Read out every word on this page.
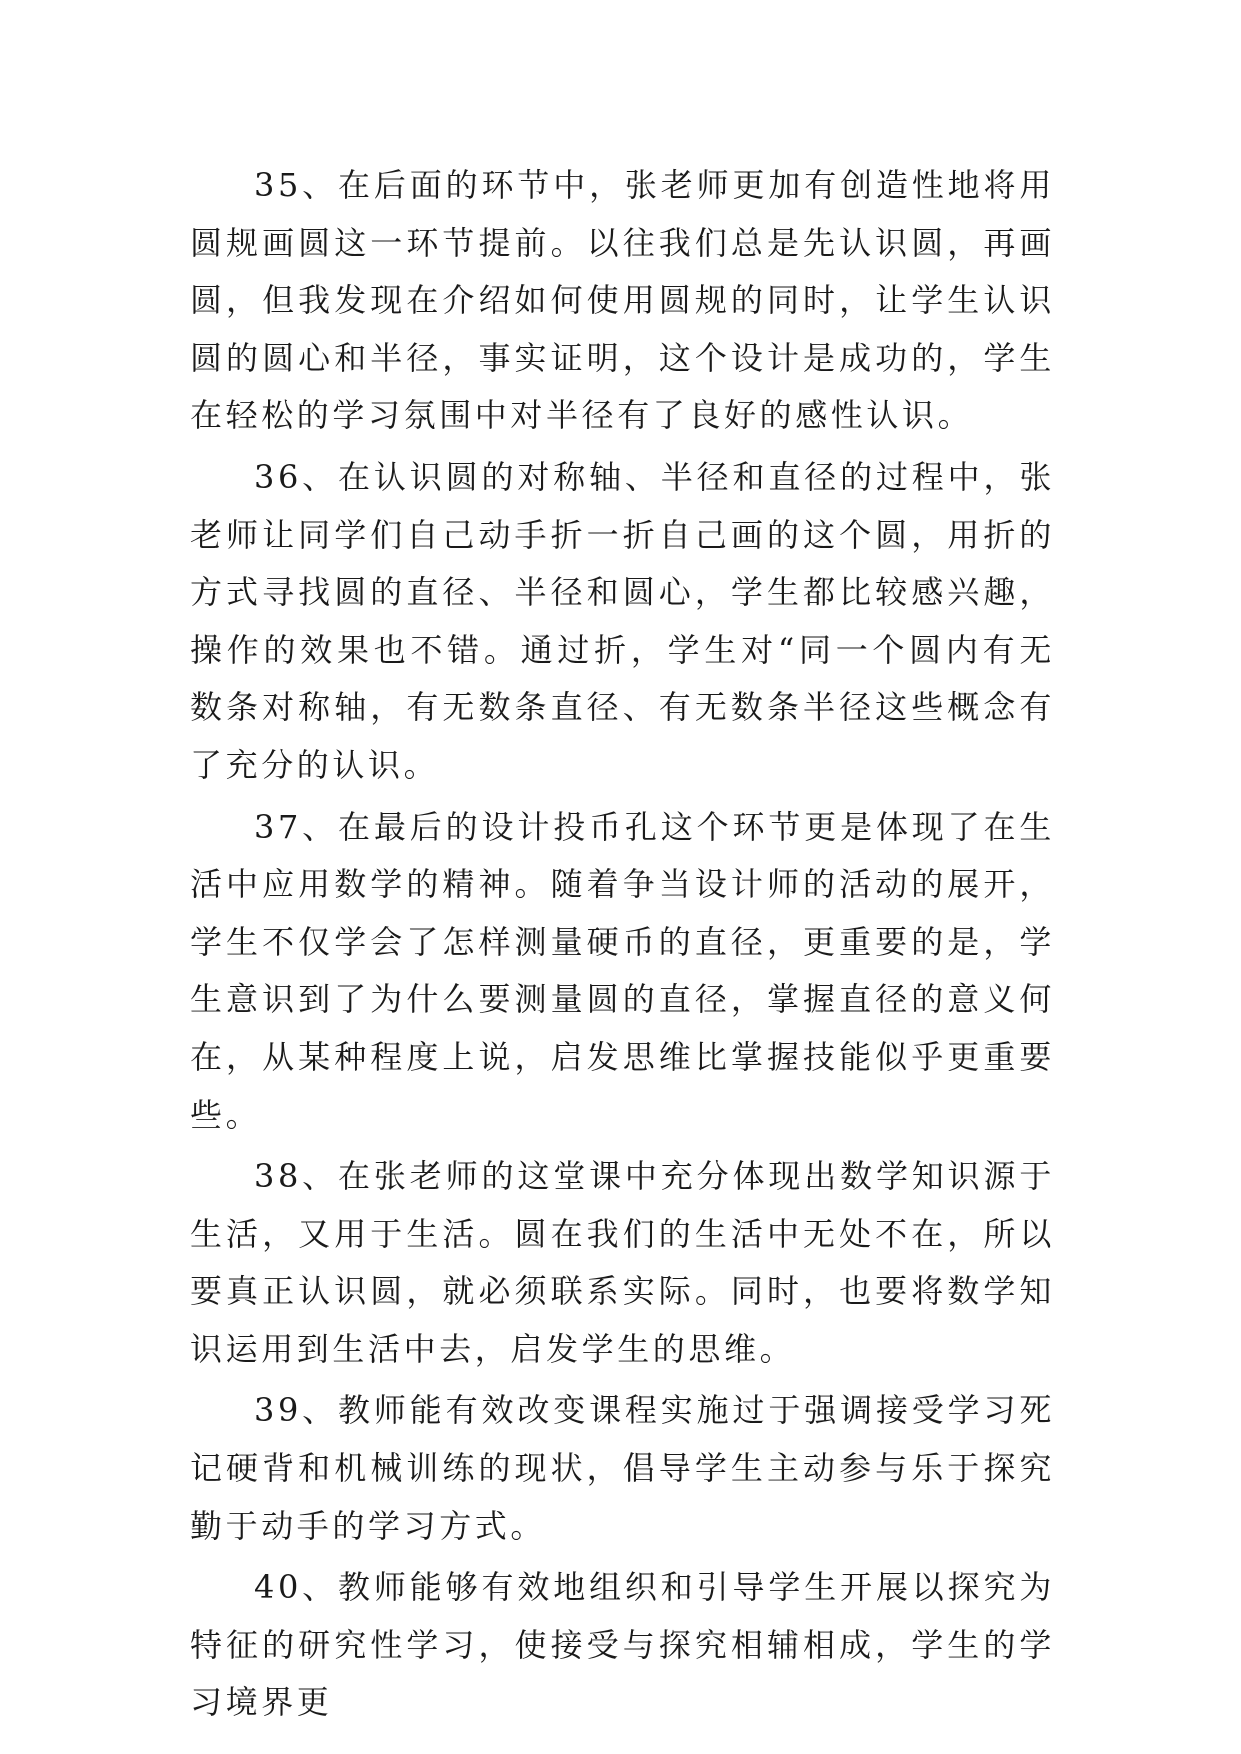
35、在后面的环节中，张老师更加有创造性地将用圆规画圆这一环节提前。以往我们总是先认识圆，再画圆，但我发现在介绍如何使用圆规的同时，让学生认识圆的圆心和半径，事实证明，这个设计是成功的，学生在轻松的学习氛围中对半径有了良好的感性认识。

36、在认识圆的对称轴、半径和直径的过程中，张老师让同学们自己动手折一折自己画的这个圆，用折的方式寻找圆的直径、半径和圆心，学生都比较感兴趣，操作的效果也不错。通过折，学生对“同一个圆内有无数条对称轴，有无数条直径、有无数条半径这些概念有了充分的认识。

37、在最后的设计投币孔这个环节更是体现了在生活中应用数学的精神。随着争当设计师的活动的展开，学生不仅学会了怎样测量硬币的直径，更重要的是，学生意识到了为什么要测量圆的直径，掌握直径的意义何在，从某种程度上说，启发思维比掌握技能似乎更重要些。

38、在张老师的这堂课中充分体现出数学知识源于生活，又用于生活。圆在我们的生活中无处不在，所以要真正认识圆，就必须联系实际。同时，也要将数学知识运用到生活中去，启发学生的思维。

39、教师能有效改变课程实施过于强调接受学习死记硬背和机械训练的现状，倡导学生主动参与乐于探究勤于动手的学习方式。

40、教师能够有效地组织和引导学生开展以探究为特征的研究性学习，使接受与探究相辅相成，学生的学习境界更
